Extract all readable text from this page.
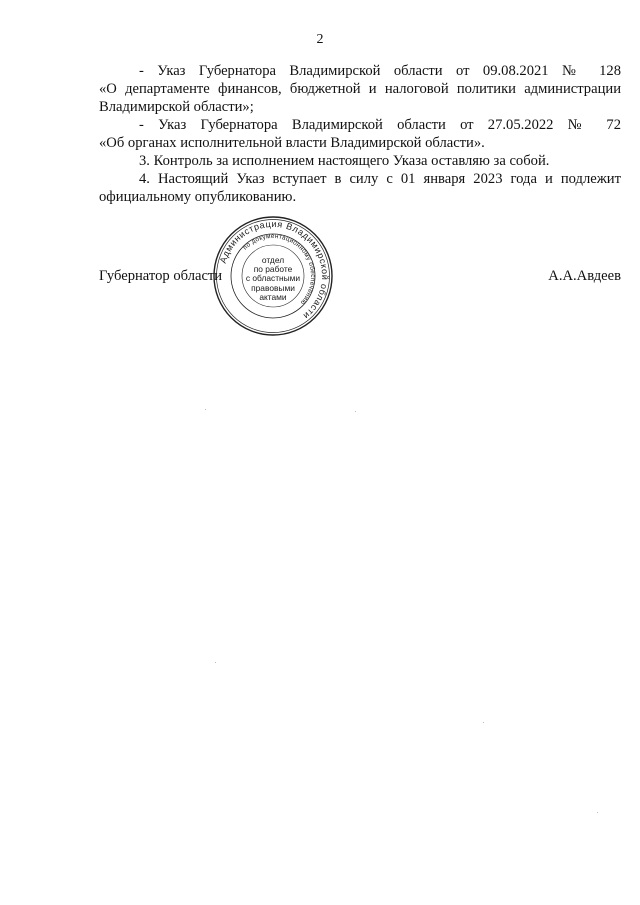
2

- Указ Губернатора Владимирской области от 09.08.2021 № 128
«О департаменте финансов, бюджетной и налоговой политики администрации Владимирской области»;

- Указ Губернатора Владимирской области от 27.05.2022 № 72
«Об органах исполнительной власти Владимирской области».

3. Контроль за исполнением настоящего Указа оставляю за собой.

4. Настоящий Указ вступает в силу с 01 января 2023 года и подлежит официальному опубликованию.

Губернатор области	А.А.Авдеев
Администрация Владимирской области
по документационному обеспечению
отдел
по работе
с областными
правовыми
актами
